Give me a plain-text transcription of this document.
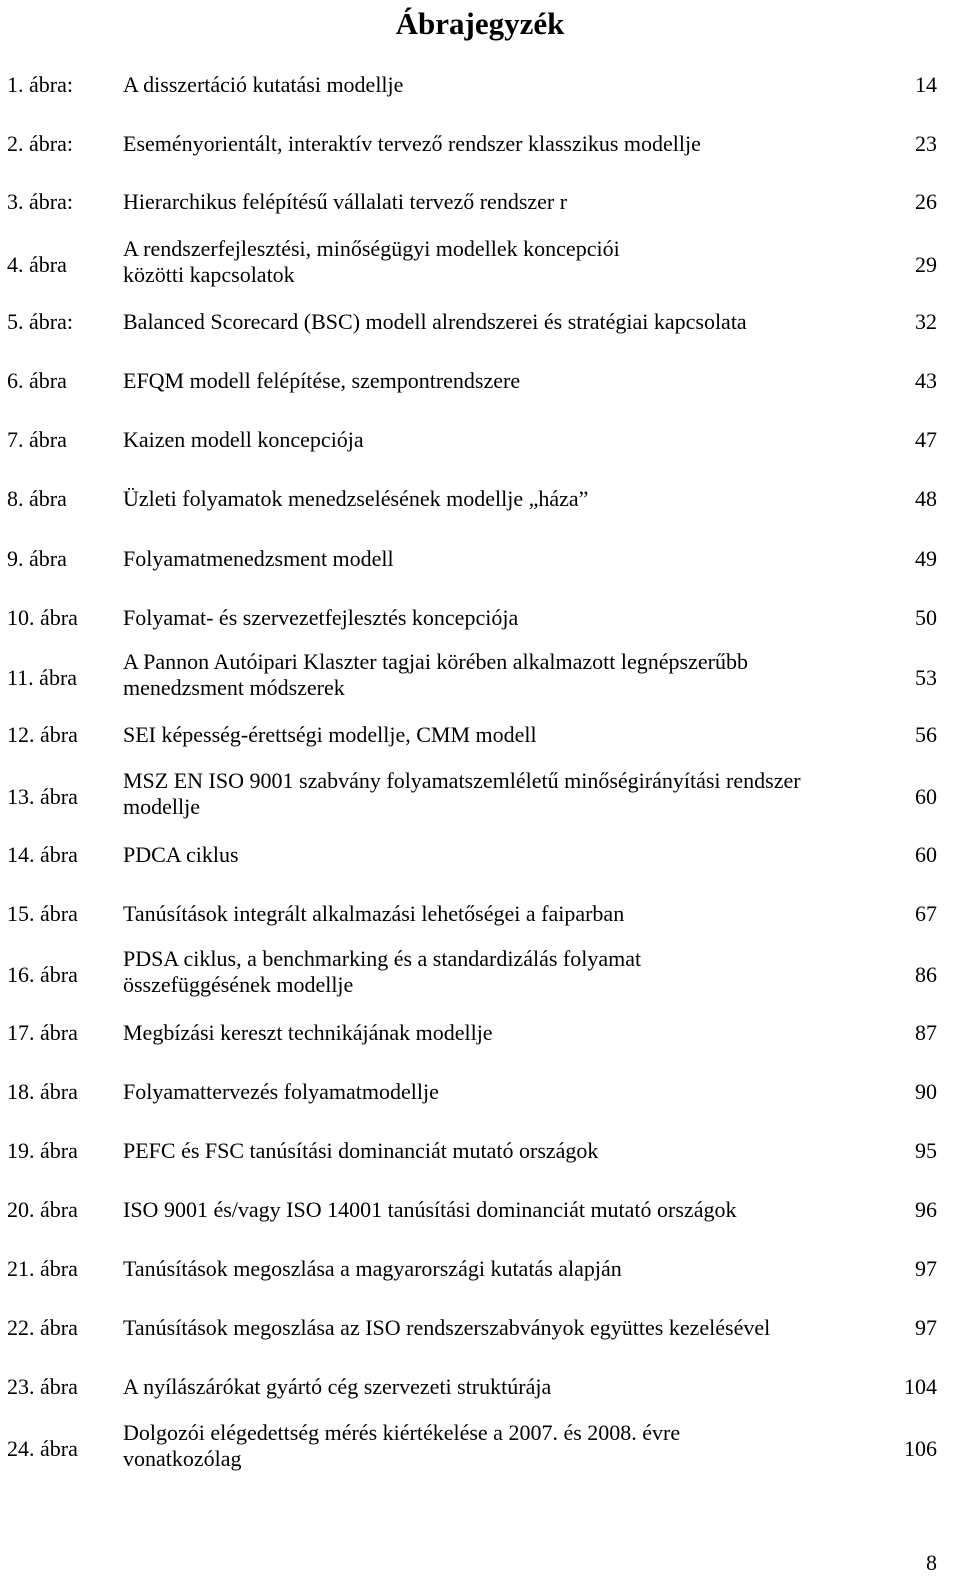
Ábrajegyzék
1. ábra: A disszertáció kutatási modellje	14
2. ábra: Eseményorientált, interaktív tervező rendszer klasszikus modellje	23
3. ábra: Hierarchikus felépítésű vállalati tervező rendszer r	26
4. ábra
A rendszerfejlesztési, minőségügyi modellek koncepciói közötti kapcsolatok	29
5. ábra: Balanced Scorecard (BSC) modell alrendszerei és stratégiai kapcsolata	32
6. ábra	EFQM modell felépítése, szempontrendszere	43
7. ábra	Kaizen modell koncepciója	47
8. ábra	Üzleti folyamatok menedzselésének modellje „háza”	48
9. ábra	Folyamatmenedzsment modell	49
10. ábra Folyamat- és szervezetfejlesztés koncepciója	50
11. ábra
A Pannon Autóipari Klaszter tagjai körében alkalmazott legnépszerűbb menedzsment módszerek	53
12. ábra SEI képesség-érettségi modellje, CMM modell	56
13. ábra
MSZ EN ISO 9001 szabvány folyamatszemléletű minőségirányítási rendszer modellje	60
14. ábra PDCA ciklus	60
15. ábra Tanúsítások integrált alkalmazási lehetőségei a faiparban	67
16. ábra
PDSA ciklus, a benchmarking és a standardizálás folyamat összefüggésének modellje	86
17. ábra Megbízási kereszt technikájának modellje	87
18. ábra Folyamattervezés folyamatmodellje	90
19. ábra PEFC és FSC tanúsítási dominanciát mutató országok	95
20. ábra ISO 9001 és/vagy ISO 14001 tanúsítási dominanciát mutató országok	96
21. ábra Tanúsítások megoszlása a magyarországi kutatás alapján	97
22. ábra Tanúsítások megoszlása az ISO rendszerszabványok együttes kezelésével	97
23. ábra A nyílászárókat gyártó cég szervezeti struktúrája	104
24. ábra
Dolgozói elégedettség mérés kiértékelése a 2007. és 2008. évre vonatkozólag	106
8
